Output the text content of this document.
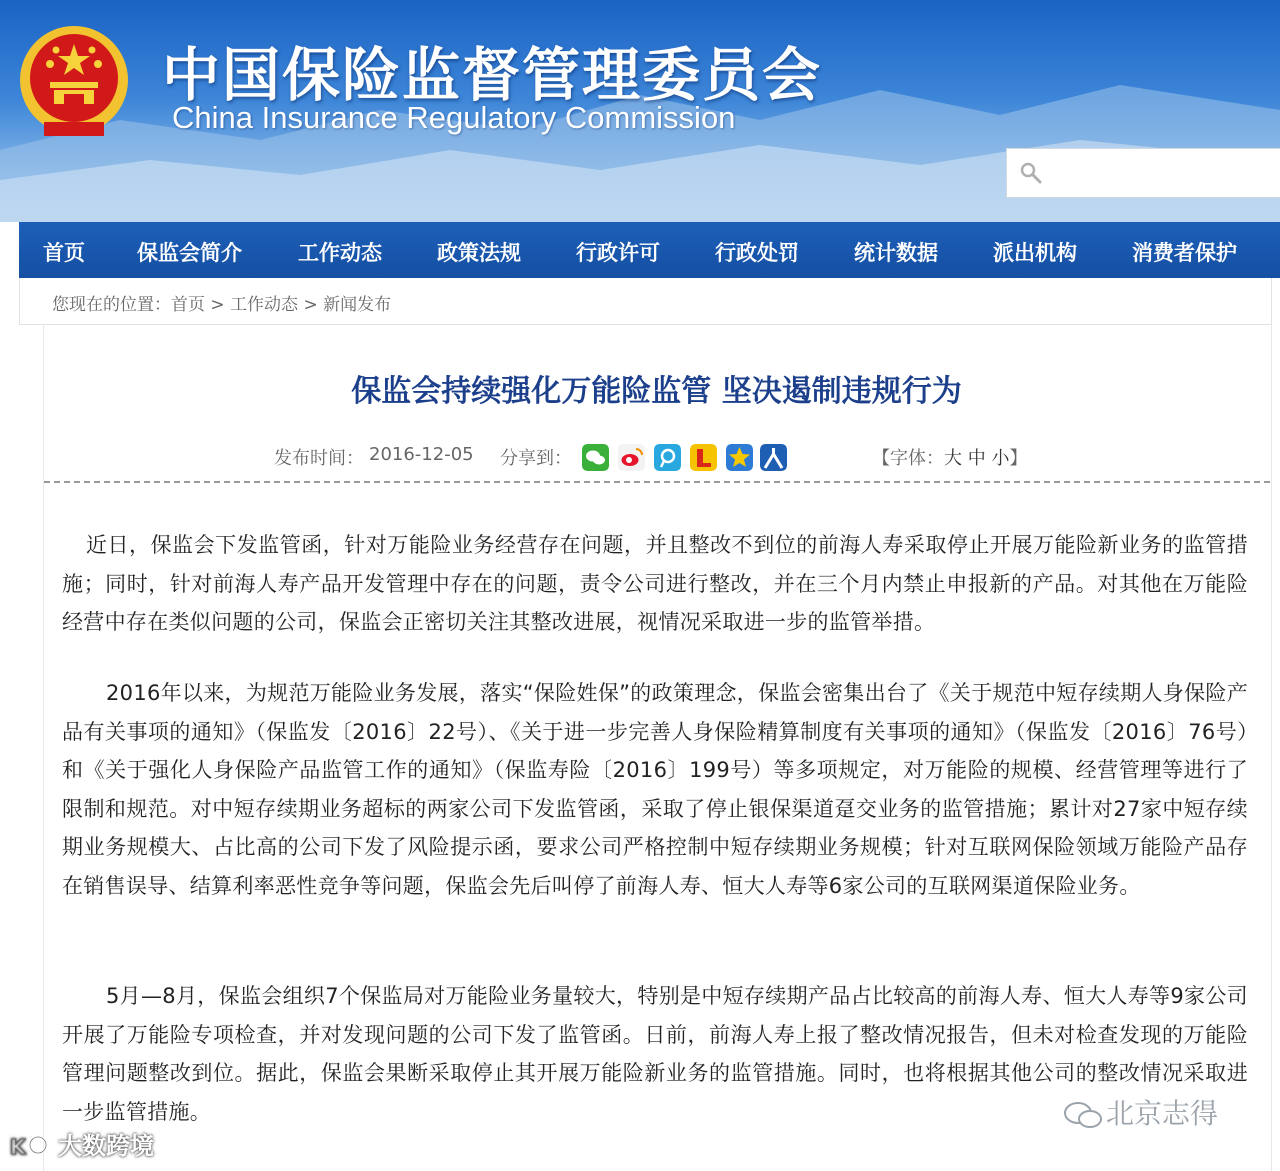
中国保险监督管理委员会
China Insurance Regulatory Commission
首页 保监会简介	工作动态	政策法规	行政许可	行政处罚	统计数据	派出机构	消费者保护
您现在的位置：首页 > 工作动态 > 新闻发布
保监会持续强化万能险监管 坚决遏制违规行为
发布时间： 2016-12-05 分享到：	【字体：大 中 小】
近日，保监会下发监管函，针对万能险业务经营存在问题，并且整改不到位的前海人寿采取停止开展万能险新业务的监管措施；同时，针对前海人寿产品开发管理中存在的问题，责令公司进行整改，并在三个月内禁止申报新的产品。对其他在万能险经营中存在类似问题的公司，保监会正密切关注其整改进展，视情况采取进一步的监管举措。
2016年以来，为规范万能险业务发展，落实“保险姓保”的政策理念，保监会密集出台了《关于规范中短存续期人身保险产品有关事项的通知》（保监发〔2016〕22号）、《关于进一步完善人身保险精算制度有关事项的通知》（保监发〔2016〕76号）和《关于强化人身保险产品监管工作的通知》（保监寿险〔2016〕199号）等多项规定，对万能险的规模、经营管理等进行了限制和规范。对中短存续期业务超标的两家公司下发监管函，采取了停止银保渠道趸交业务的监管措施；累计对27家中短存续期业务规模大、占比高的公司下发了风险提示函，要求公司严格控制中短存续期业务规模；针对互联网保险领域万能险产品存在销售误导、结算利率恶性竞争等问题，保监会先后叫停了前海人寿、恒大人寿等6家公司的互联网渠道保险业务。
5月—8月，保监会组织7个保监局对万能险业务量较大，特别是中短存续期产品占比较高的前海人寿、恒大人寿等9家公司开展了万能险专项检查，并对发现问题的公司下发了监管函。日前，前海人寿上报了整改情况报告，但未对检查发现的万能险管理问题整改到位。据此，保监会果断采取停止其开展万能险新业务的监管措施。同时，也将根据其他公司的整改情况采取进一步监管措施。
K 大数跨境
北京志得
